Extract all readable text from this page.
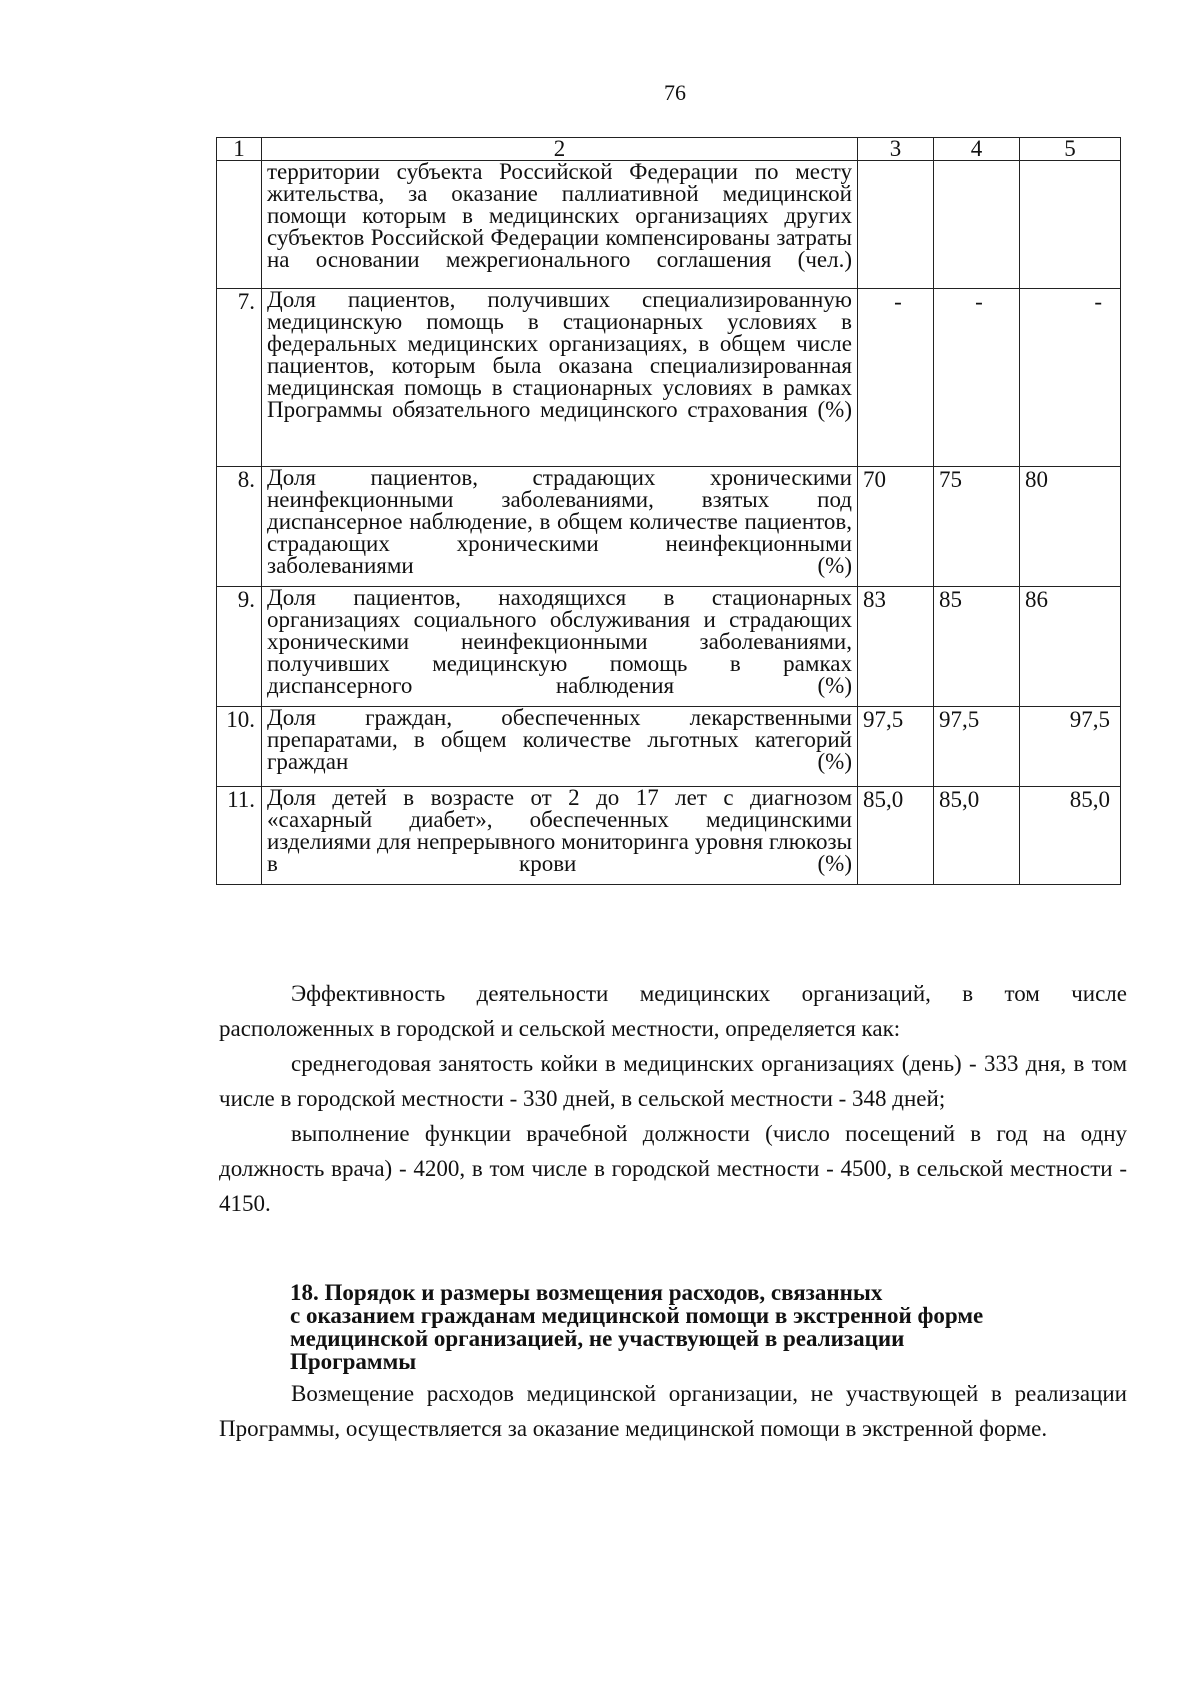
76
1	2	3	4	5
	территории субъекта Российской Федерации по месту жительства, за оказание паллиативной медицинской помощи которым в медицинских организациях других субъектов Российской Федерации компенсированы затраты на основании межрегионального соглашения (чел.)			
7.	Доля пациентов, получивших специализированную медицинскую помощь в стационарных условиях в федеральных медицинских организациях, в общем числе пациентов, которым была оказана специализированная медицинская помощь в стационарных условиях в рамках Программы обязательного медицинского страхования (%)	-	-	-
8.	Доля пациентов, страдающих хроническими неинфекционными заболеваниями, взятых под диспансерное наблюдение, в общем количестве пациентов, страдающих хроническими неинфекционными заболеваниями (%)	70	75	80
9.	Доля пациентов, находящихся в стационарных организациях социального обслуживания и страдающих хроническими неинфекционными заболеваниями, получивших медицинскую помощь в рамках диспансерного наблюдения (%)	83	85	86
10.	Доля граждан, обеспеченных лекарственными препаратами, в общем количестве льготных категорий граждан (%)	97,5	97,5	97,5
11.	Доля детей в возрасте от 2 до 17 лет с диагнозом «сахарный диабет», обеспеченных медицинскими изделиями для непрерывного мониторинга уровня глюкозы в крови (%)	85,0	85,0	85,0

Эффективность деятельности медицинских организаций, в том числе расположенных в городской и сельской местности, определяется как:

среднегодовая занятость койки в медицинских организациях (день) - 333 дня, в том числе в городской местности - 330 дней, в сельской местности - 348 дней;

выполнение функции врачебной должности (число посещений в год на одну должность врача) - 4200, в том числе в городской местности - 4500, в сельской местности - 4150.

18. Порядок и размеры возмещения расходов, связанных
с оказанием гражданам медицинской помощи в экстренной форме
медицинской организацией, не участвующей в реализации
Программы

Возмещение расходов медицинской организации, не участвующей в реализации Программы, осуществляется за оказание медицинской помощи в экстренной форме.
